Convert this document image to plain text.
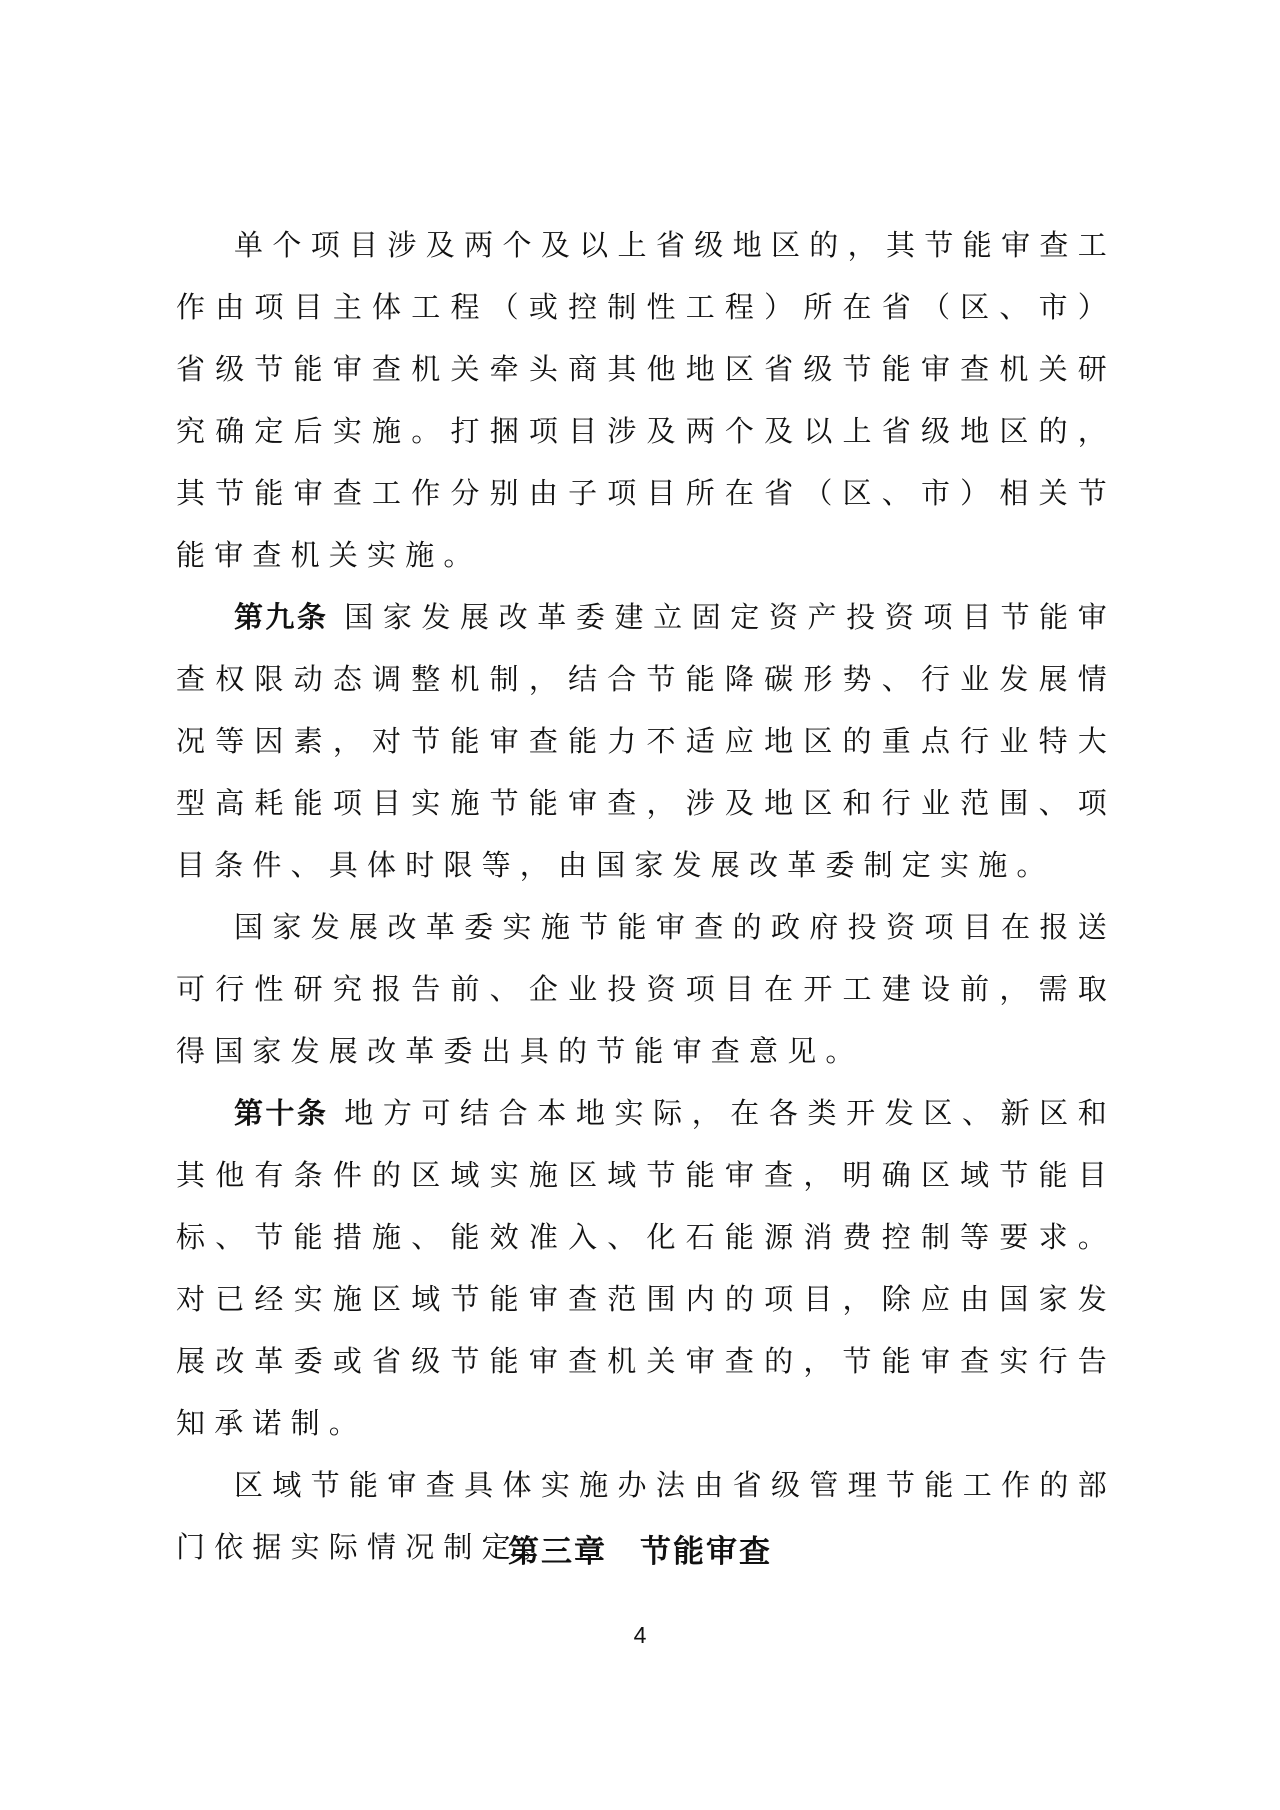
单个项目涉及两个及以上省级地区的，其节能审查工作由项目主体工程（或控制性工程）所在省（区、市）省级节能审查机关牵头商其他地区省级节能审查机关研究确定后实施。打捆项目涉及两个及以上省级地区的，其节能审查工作分别由子项目所在省（区、市）相关节能审查机关实施。

第九条 国家发展改革委建立固定资产投资项目节能审查权限动态调整机制，结合节能降碳形势、行业发展情况等因素，对节能审查能力不适应地区的重点行业特大型高耗能项目实施节能审查，涉及地区和行业范围、项目条件、具体时限等，由国家发展改革委制定实施。

国家发展改革委实施节能审查的政府投资项目在报送可行性研究报告前、企业投资项目在开工建设前，需取得国家发展改革委出具的节能审查意见。

第十条 地方可结合本地实际，在各类开发区、新区和其他有条件的区域实施区域节能审查，明确区域节能目标、节能措施、能效准入、化石能源消费控制等要求。对已经实施区域节能审查范围内的项目，除应由国家发展改革委或省级节能审查机关审查的，节能审查实行告知承诺制。

区域节能审查具体实施办法由省级管理节能工作的部门依据实际情况制定。

第三章　节能审查
4
